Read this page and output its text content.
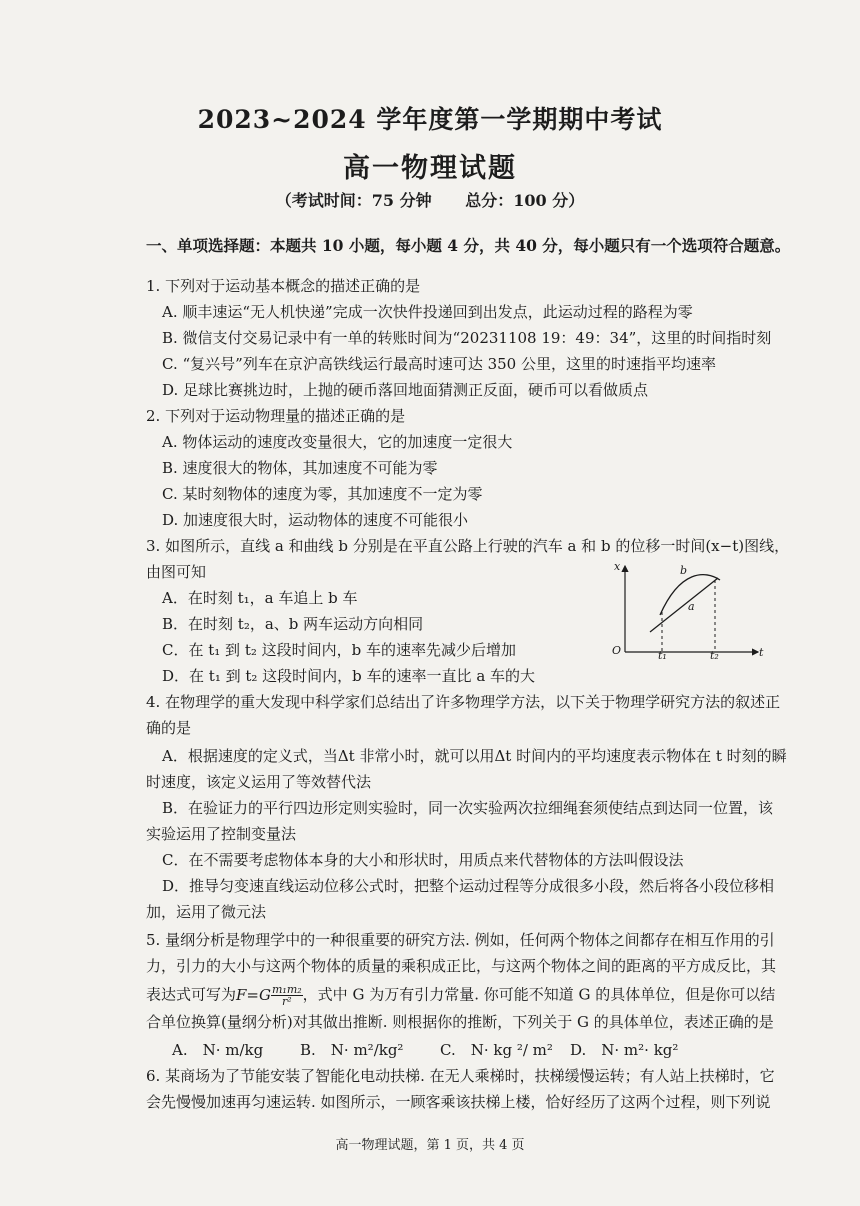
2023~2024 学年度第一学期期中考试
高一物理试题
（考试时间：75 分钟 总分：100 分）
一、单项选择题：本题共 10 小题，每小题 4 分，共 40 分，每小题只有一个选项符合题意。
1. 下列对于运动基本概念的描述正确的是
A. 顺丰速运“无人机快递”完成一次快件投递回到出发点，此运动过程的路程为零
B. 微信支付交易记录中有一单的转账时间为“20231108 19：49：34”，这里的时间指时刻
C. “复兴号”列车在京沪高铁线运行最高时速可达 350 公里，这里的时速指平均速率
D. 足球比赛挑边时，上抛的硬币落回地面猜测正反面，硬币可以看做质点
2. 下列对于运动物理量的描述正确的是
A. 物体运动的速度改变量很大，它的加速度一定很大
B. 速度很大的物体，其加速度不可能为零
C. 某时刻物体的速度为零，其加速度不一定为零
D. 加速度很大时，运动物体的速度不可能很小
3. 如图所示，直线 a 和曲线 b 分别是在平直公路上行驶的汽车 a 和 b 的位移一时间(x−t)图线，
由图可知
A．在时刻 t₁，a 车追上 b 车
B．在时刻 t₂，a、b 两车运动方向相同
C．在 t₁ 到 t₂ 这段时间内，b 车的速率先减少后增加
D．在 t₁ 到 t₂ 这段时间内，b 车的速率一直比 a 车的大
x
t
O
b
a
t₁	t₂
4. 在物理学的重大发现中科学家们总结出了许多物理学方法，以下关于物理学研究方法的叙述正
确的是
A．根据速度的定义式，当Δt 非常小时，就可以用Δt 时间内的平均速度表示物体在 t 时刻的瞬
时速度，该定义运用了等效替代法
B．在验证力的平行四边形定则实验时，同一次实验两次拉细绳套须使结点到达同一位置，该
实验运用了控制变量法
C．在不需要考虑物体本身的大小和形状时，用质点来代替物体的方法叫假设法
D．推导匀变速直线运动位移公式时，把整个运动过程等分成很多小段，然后将各小段位移相
加，运用了微元法
5. 量纲分析是物理学中的一种很重要的研究方法. 例如，任何两个物体之间都存在相互作用的引
力，引力的大小与这两个物体的质量的乘积成正比，与这两个物体之间的距离的平方成反比，其
表达式可写为$F=G \frac{\text{m₁m₂}}{\text{r²}}$ ，式中 G 为万有引力常量. 你可能不知道 G 的具体单位，但是你可以结
合单位换算(量纲分析)对其做出推断. 则根据你的推断，下列关于 G 的具体单位，表述正确的是
A.　N· m/kg B.　N· m²/kg² C.　N· kg ²/ m² D.　N· m²· kg²
6. 某商场为了节能安装了智能化电动扶梯. 在无人乘梯时，扶梯缓慢运转；有人站上扶梯时，它
会先慢慢加速再匀速运转. 如图所示，一顾客乘该扶梯上楼，恰好经历了这两个过程，则下列说
高一物理试题，第 1 页，共 4 页
